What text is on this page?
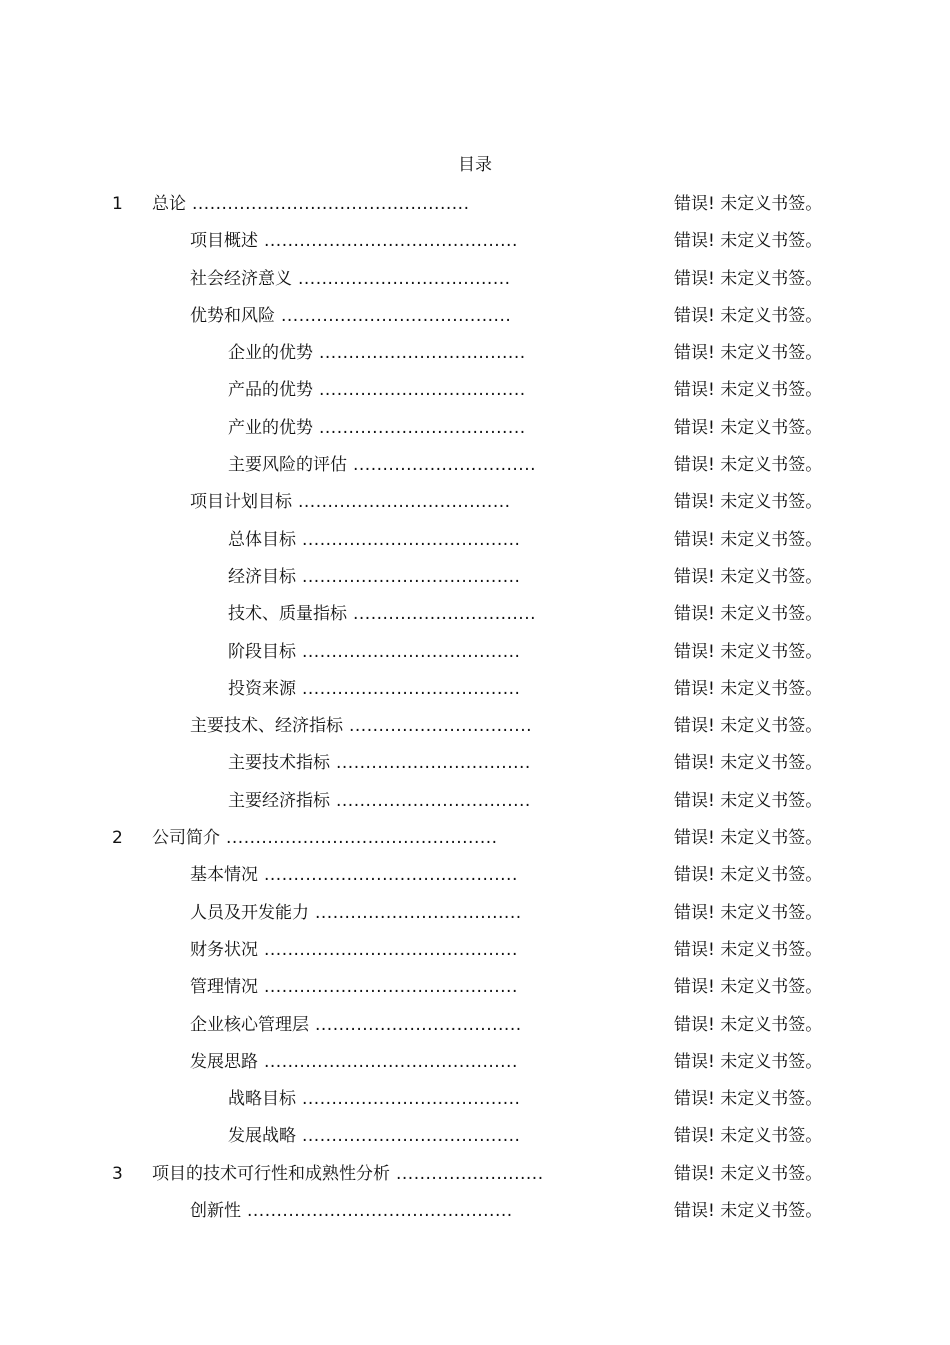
目录
1 总论 ...............................................	错误! 未定义书签。
项目概述 ...........................................	错误! 未定义书签。
社会经济意义 ....................................	错误! 未定义书签。
优势和风险 .......................................	错误! 未定义书签。
企业的优势 ...................................	错误! 未定义书签。
产品的优势 ...................................	错误! 未定义书签。
产业的优势 ...................................	错误! 未定义书签。
主要风险的评估 ...............................	错误! 未定义书签。
项目计划目标 ....................................	错误! 未定义书签。
总体目标 .....................................	错误! 未定义书签。
经济目标 .....................................	错误! 未定义书签。
技术、质量指标 ...............................	错误! 未定义书签。
阶段目标 .....................................	错误! 未定义书签。
投资来源 .....................................	错误! 未定义书签。
主要技术、经济指标 ...............................	错误! 未定义书签。
主要技术指标 .................................	错误! 未定义书签。
主要经济指标 .................................	错误! 未定义书签。
2 公司简介 ..............................................	错误! 未定义书签。
基本情况 ...........................................	错误! 未定义书签。
人员及开发能力 ...................................	错误! 未定义书签。
财务状况 ...........................................	错误! 未定义书签。
管理情况 ...........................................	错误! 未定义书签。
企业核心管理层 ...................................	错误! 未定义书签。
发展思路 ...........................................	错误! 未定义书签。
战略目标 .....................................	错误! 未定义书签。
发展战略 .....................................	错误! 未定义书签。
3 项目的技术可行性和成熟性分析 .........................	错误! 未定义书签。
创新性 .............................................	错误! 未定义书签。
